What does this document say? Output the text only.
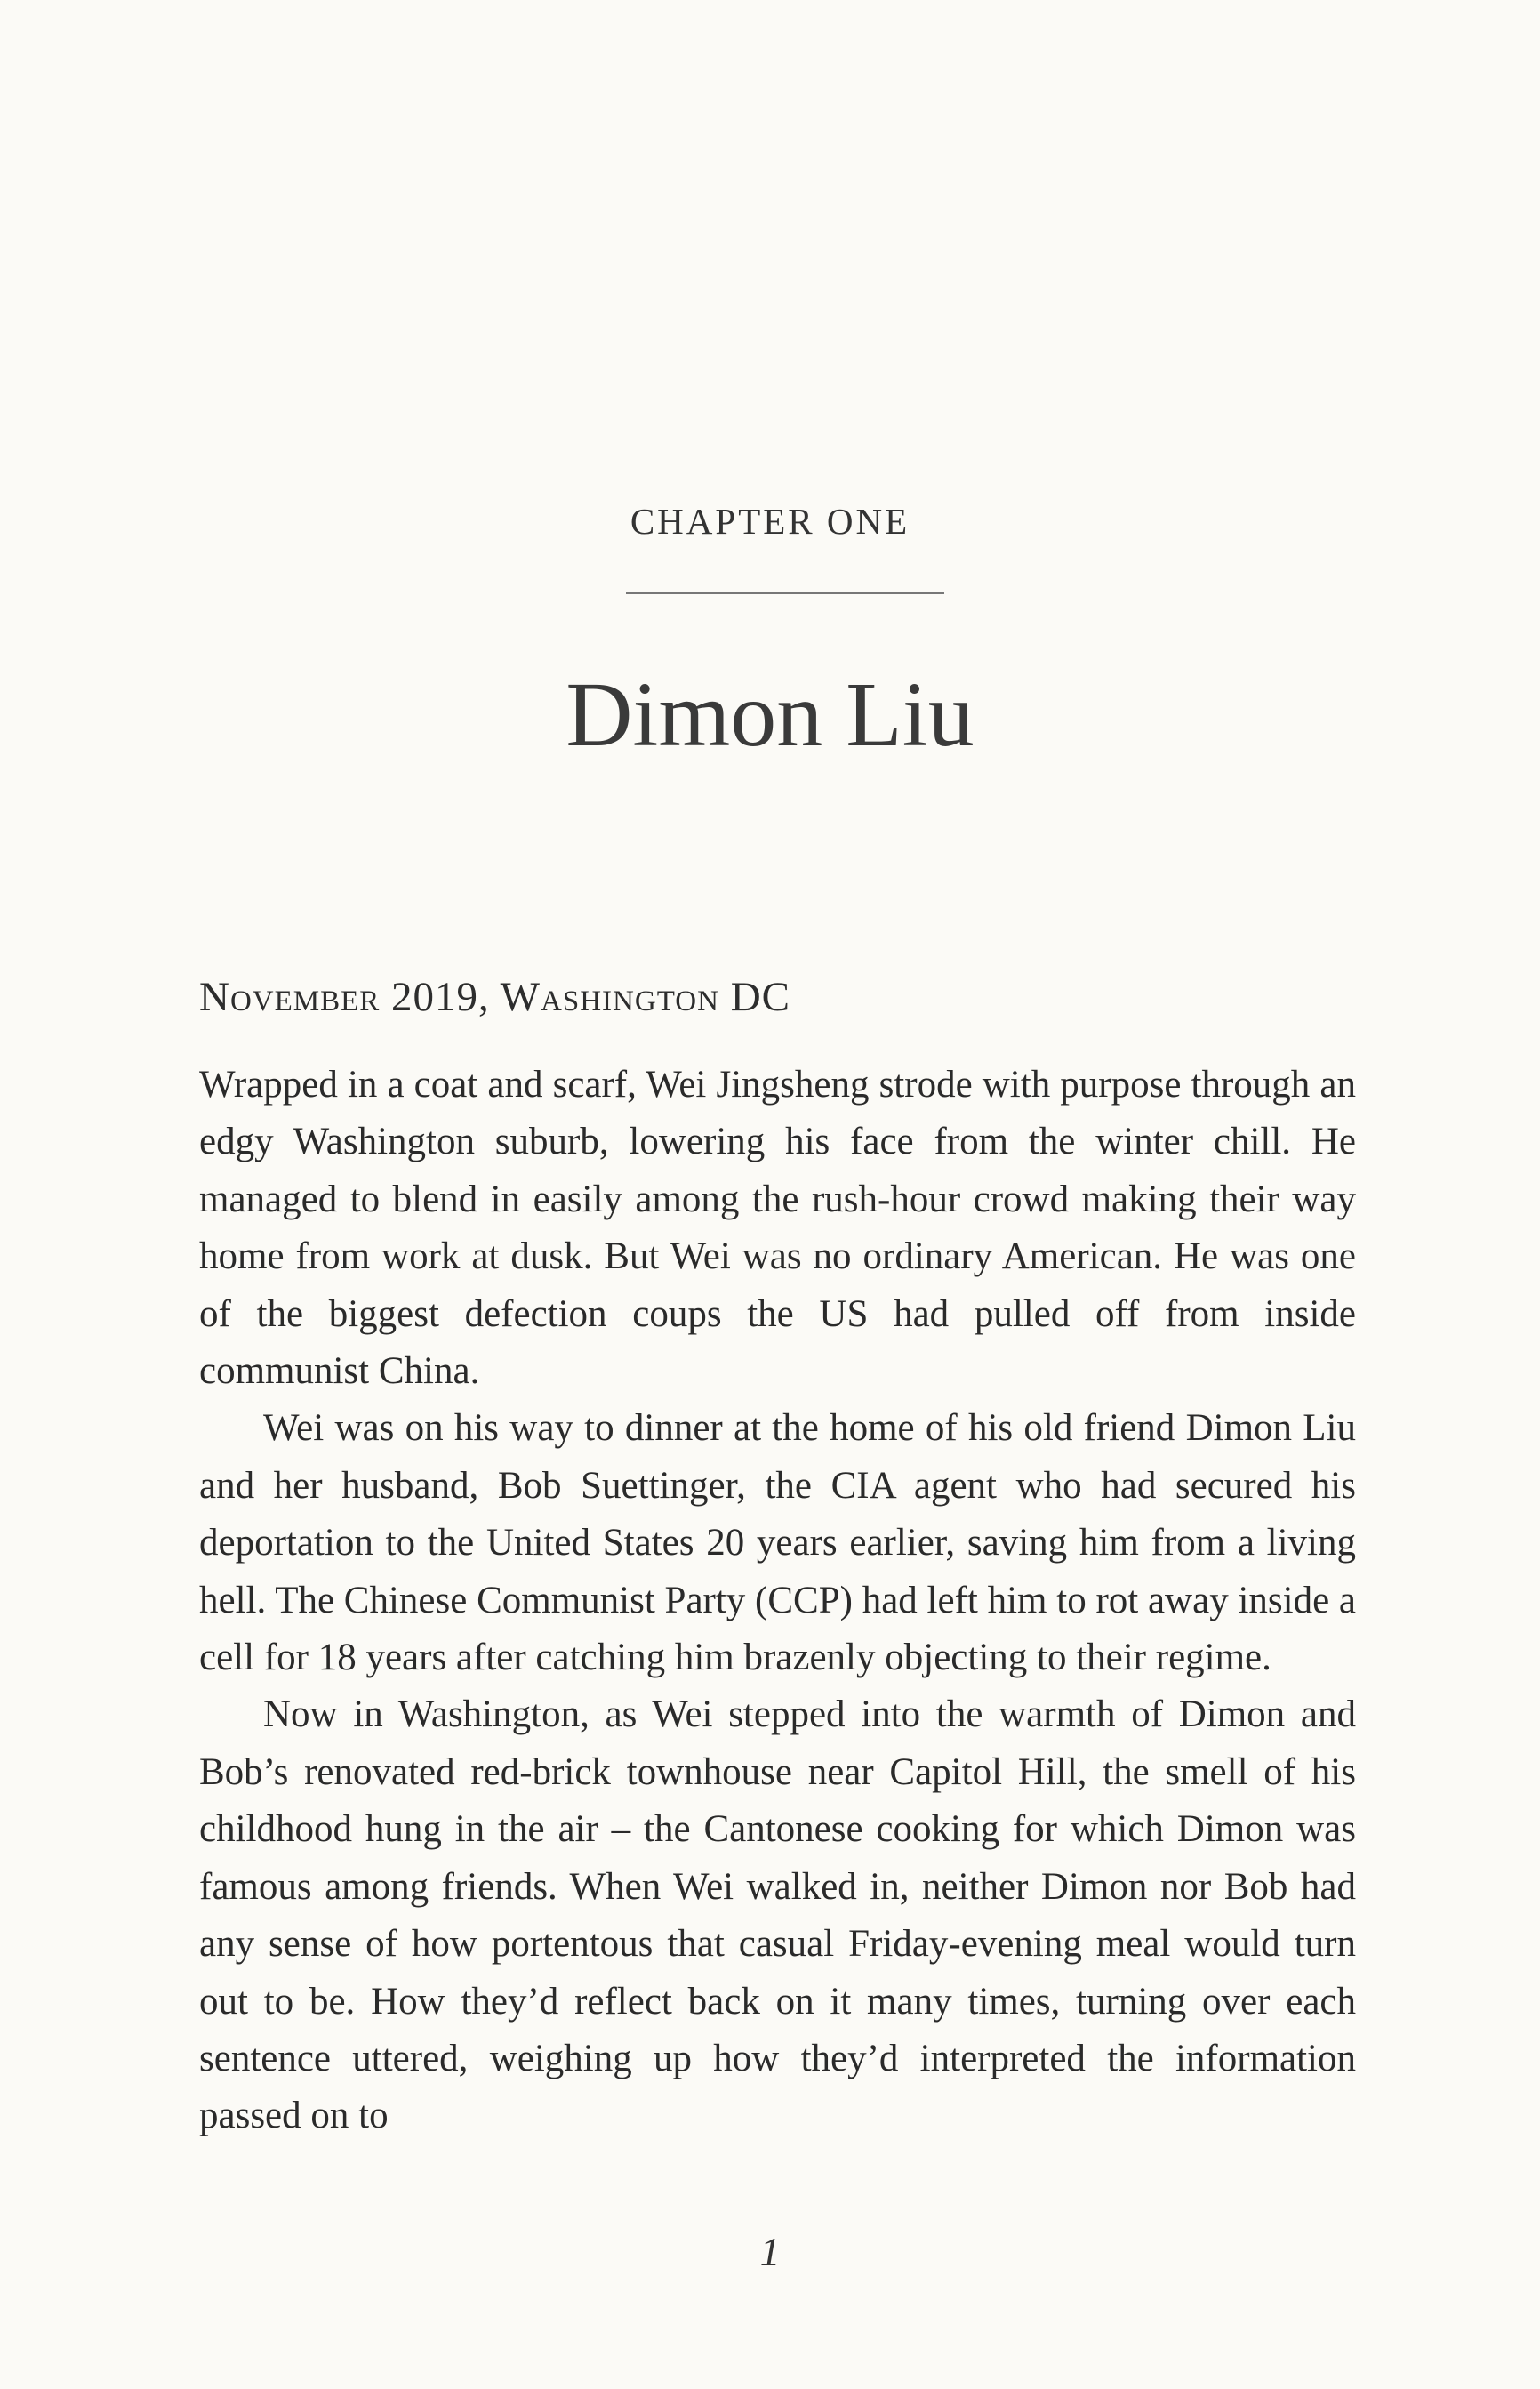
CHAPTER ONE
Dimon Liu
November 2019, Washington DC

Wrapped in a coat and scarf, Wei Jingsheng strode with purpose through an edgy Washington suburb, lowering his face from the winter chill. He managed to blend in easily among the rush-hour crowd making their way home from work at dusk. But Wei was no ordinary American. He was one of the biggest defection coups the US had pulled off from inside communist China.

Wei was on his way to dinner at the home of his old friend Dimon Liu and her husband, Bob Suettinger, the CIA agent who had secured his deportation to the United States 20 years earlier, saving him from a living hell. The Chinese Communist Party (CCP) had left him to rot away inside a cell for 18 years after catching him brazenly objecting to their regime.

Now in Washington, as Wei stepped into the warmth of Dimon and Bob’s renovated red-brick townhouse near Capitol Hill, the smell of his childhood hung in the air – the Cantonese cooking for which Dimon was famous among friends. When Wei walked in, neither Dimon nor Bob had any sense of how portentous that casual Friday-evening meal would turn out to be. How they’d reflect back on it many times, turning over each sentence uttered, weighing up how they’d interpreted the information passed on to

1
